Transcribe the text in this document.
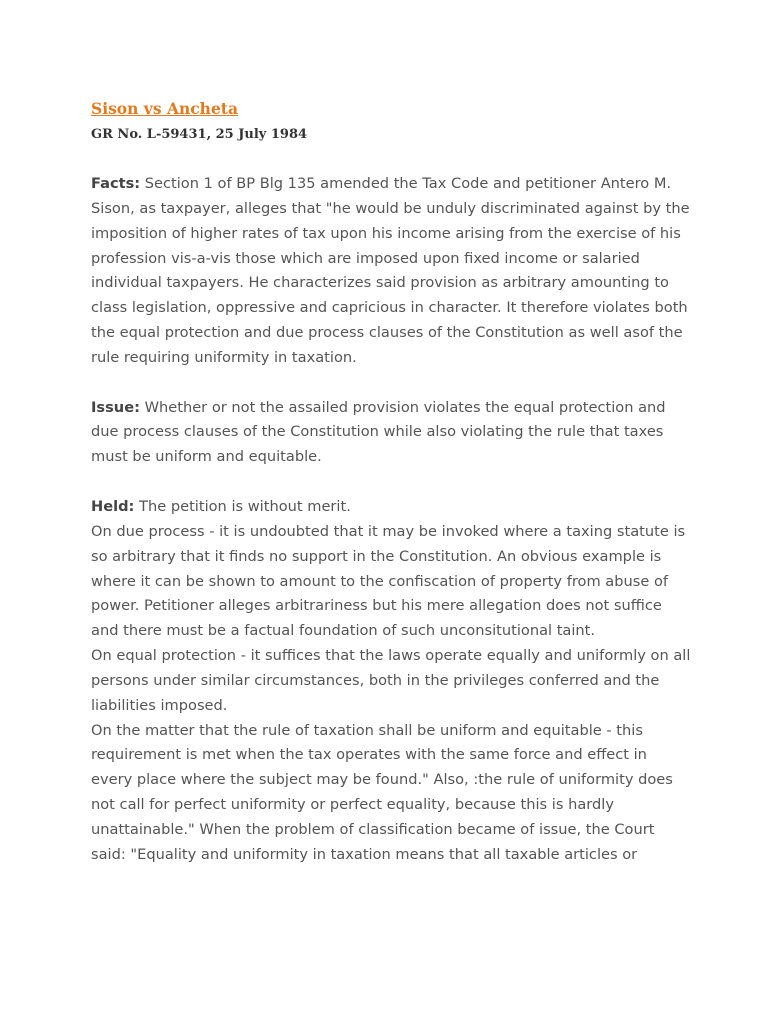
Sison vs Ancheta
GR No. L-59431, 25 July 1984

Facts: Section 1 of BP Blg 135 amended the Tax Code and petitioner Antero M. Sison, as taxpayer, alleges that "he would be unduly discriminated against by the imposition of higher rates of tax upon his income arising from the exercise of his profession vis-a-vis those which are imposed upon fixed income or salaried individual taxpayers. He characterizes said provision as arbitrary amounting to class legislation, oppressive and capricious in character. It therefore violates both the equal protection and due process clauses of the Constitution as well asof the rule requiring uniformity in taxation.

Issue: Whether or not the assailed provision violates the equal protection and due process clauses of the Constitution while also violating the rule that taxes must be uniform and equitable.

Held: The petition is without merit.

On due process - it is undoubted that it may be invoked where a taxing statute is so arbitrary that it finds no support in the Constitution. An obvious example is where it can be shown to amount to the confiscation of property from abuse of power. Petitioner alleges arbitrariness but his mere allegation does not suffice and there must be a factual foundation of such unconsitutional taint.

On equal protection - it suffices that the laws operate equally and uniformly on all persons under similar circumstances, both in the privileges conferred and the liabilities imposed.

On the matter that the rule of taxation shall be uniform and equitable - this requirement is met when the tax operates with the same force and effect in every place where the subject may be found." Also, :the rule of uniformity does not call for perfect uniformity or perfect equality, because this is hardly unattainable." When the problem of classification became of issue, the Court said: "Equality and uniformity in taxation means that all taxable articles or
